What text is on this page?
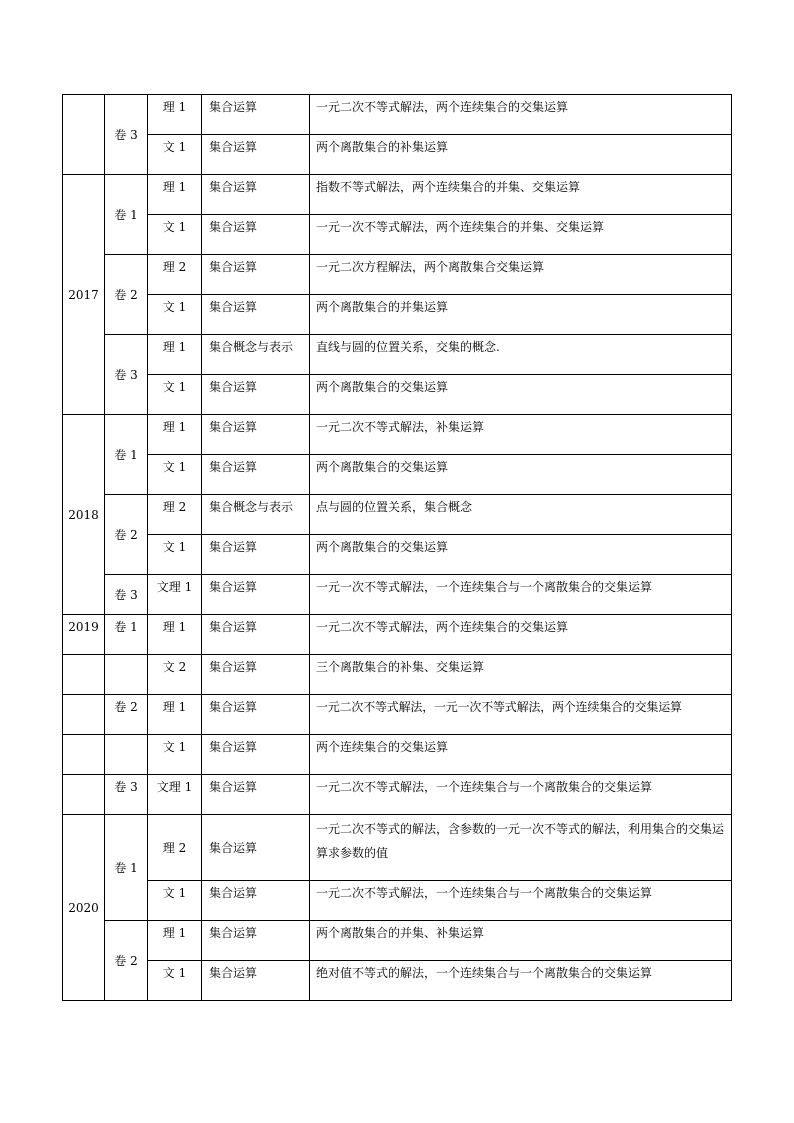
	卷 3	理 1	集合运算	一元二次不等式解法，两个连续集合的交集运算
		文 1	集合运算	两个离散集合的补集运算
2017	卷 1	理 1	集合运算	指数不等式解法，两个连续集合的并集、交集运算
		文 1	集合运算	一元一次不等式解法，两个连续集合的并集、交集运算
	卷 2	理 2	集合运算	一元二次方程解法，两个离散集合交集运算
		文 1	集合运算	两个离散集合的并集运算
	卷 3	理 1	集合概念与表示	直线与圆的位置关系，交集的概念.
		文 1	集合运算	两个离散集合的交集运算
2018	卷 1	理 1	集合运算	一元二次不等式解法，补集运算
		文 1	集合运算	两个离散集合的交集运算
	卷 2	理 2	集合概念与表示	点与圆的位置关系，集合概念
		文 1	集合运算	两个离散集合的交集运算
	卷 3	文理 1	集合运算	一元一次不等式解法，一个连续集合与一个离散集合的交集运算
2019	卷 1	理 1	集合运算	一元二次不等式解法，两个连续集合的交集运算
		文 2	集合运算	三个离散集合的补集、交集运算
	卷 2	理 1	集合运算	一元二次不等式解法，一元一次不等式解法，两个连续集合的交集运算
		文 1	集合运算	两个连续集合的交集运算
	卷 3	文理 1	集合运算	一元二次不等式解法，一个连续集合与一个离散集合的交集运算
2020	卷 1	理 2	集合运算	一元二次不等式的解法，含参数的一元一次不等式的解法，利用集合的交集运算求参数的值
		文 1	集合运算	一元二次不等式解法，一个连续集合与一个离散集合的交集运算
	卷 2	理 1	集合运算	两个离散集合的并集、补集运算
		文 1	集合运算	绝对值不等式的解法，一个连续集合与一个离散集合的交集运算
